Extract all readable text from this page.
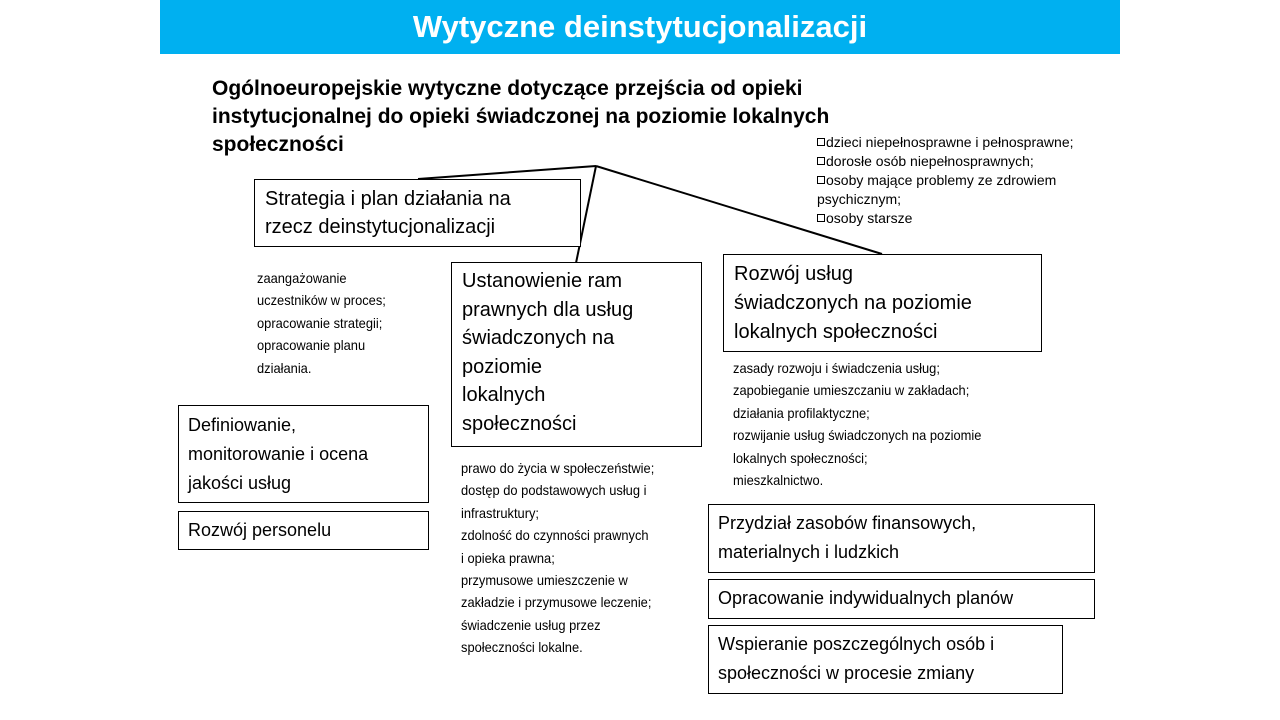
Wytyczne deinstytucjonalizacji
Ogólnoeuropejskie wytyczne dotyczące przejścia od opieki instytucjonalnej do opieki świadczonej na poziomie lokalnych społeczności	dzieci niepełnosprawne i pełnosprawne;
dorosłe osób niepełnosprawnych;
osoby mające problemy ze zdrowiem psychicznym;
osoby starsze
Strategia i plan działania na
rzecz deinstytucjonalizacji
zaangażowanie
uczestników w proces;
opracowanie strategii;
opracowanie planu
działania.
Ustanowienie ram
prawnych dla usług
świadczonych na
poziomie
lokalnych
społeczności
prawo do życia w społeczeństwie;
dostęp do podstawowych usług i
infrastruktury;
zdolność do czynności prawnych
i opieka prawna;
przymusowe umieszczenie w
zakładzie i przymusowe leczenie;
świadczenie usług przez
społeczności lokalne.
Rozwój usług
świadczonych na poziomie
lokalnych społeczności
zasady rozwoju i świadczenia usług;
zapobieganie umieszczaniu w zakładach;
działania profilaktyczne;
rozwijanie usług świadczonych na poziomie
lokalnych społeczności;
mieszkalnictwo.
Definiowanie,
monitorowanie i ocena
jakości usług
Rozwój personelu	Przydział zasobów finansowych,
materialnych i ludzkich
Opracowanie indywidualnych planów
Wspieranie poszczególnych osób i
społeczności w procesie zmiany
